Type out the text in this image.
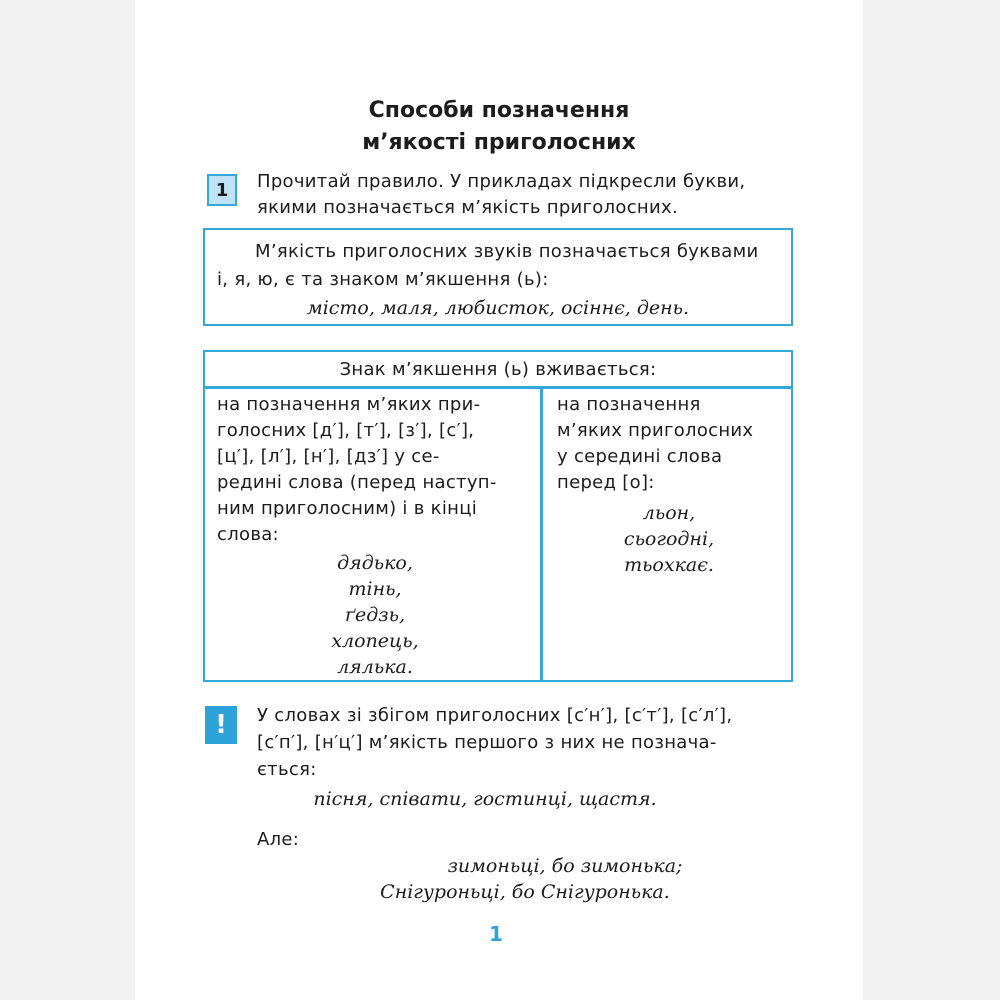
Способи позначення
м’якості приголосних
1 Прочитай правило. У прикладах підкресли букви,
якими позначається м’якість приголосних.
М’якість приголосних звуків позначається буквами
і, я, ю, є та знаком м’якшення (ь):
місто, маля, любисток, осіннє, день.
Знак м’якшення (ь) вживається:
на позначення м’яких при-
голосних [д′], [т′], [з′], [с′],
[ц′], [л′], [н′], [дз′] у се-
редині слова (перед наступ-
ним приголосним) і в кінці
слова:
дядько,
тінь,
ґедзь,
хлопець,
лялька.
на позначення
м’яких приголосних
у середині слова
перед [о]:
льон,
сьогодні,
тьохкає.
! У словах зі збігом приголосних [с′н′], [с′т′], [с′л′],
[с′п′], [н′ц′] м’якість першого з них не познача-
ється:
пісня, співати, гостинці, щастя.
Але:
зимоньці, бо зимонька;
Снігуроньці, бо Снігуронька.
1
